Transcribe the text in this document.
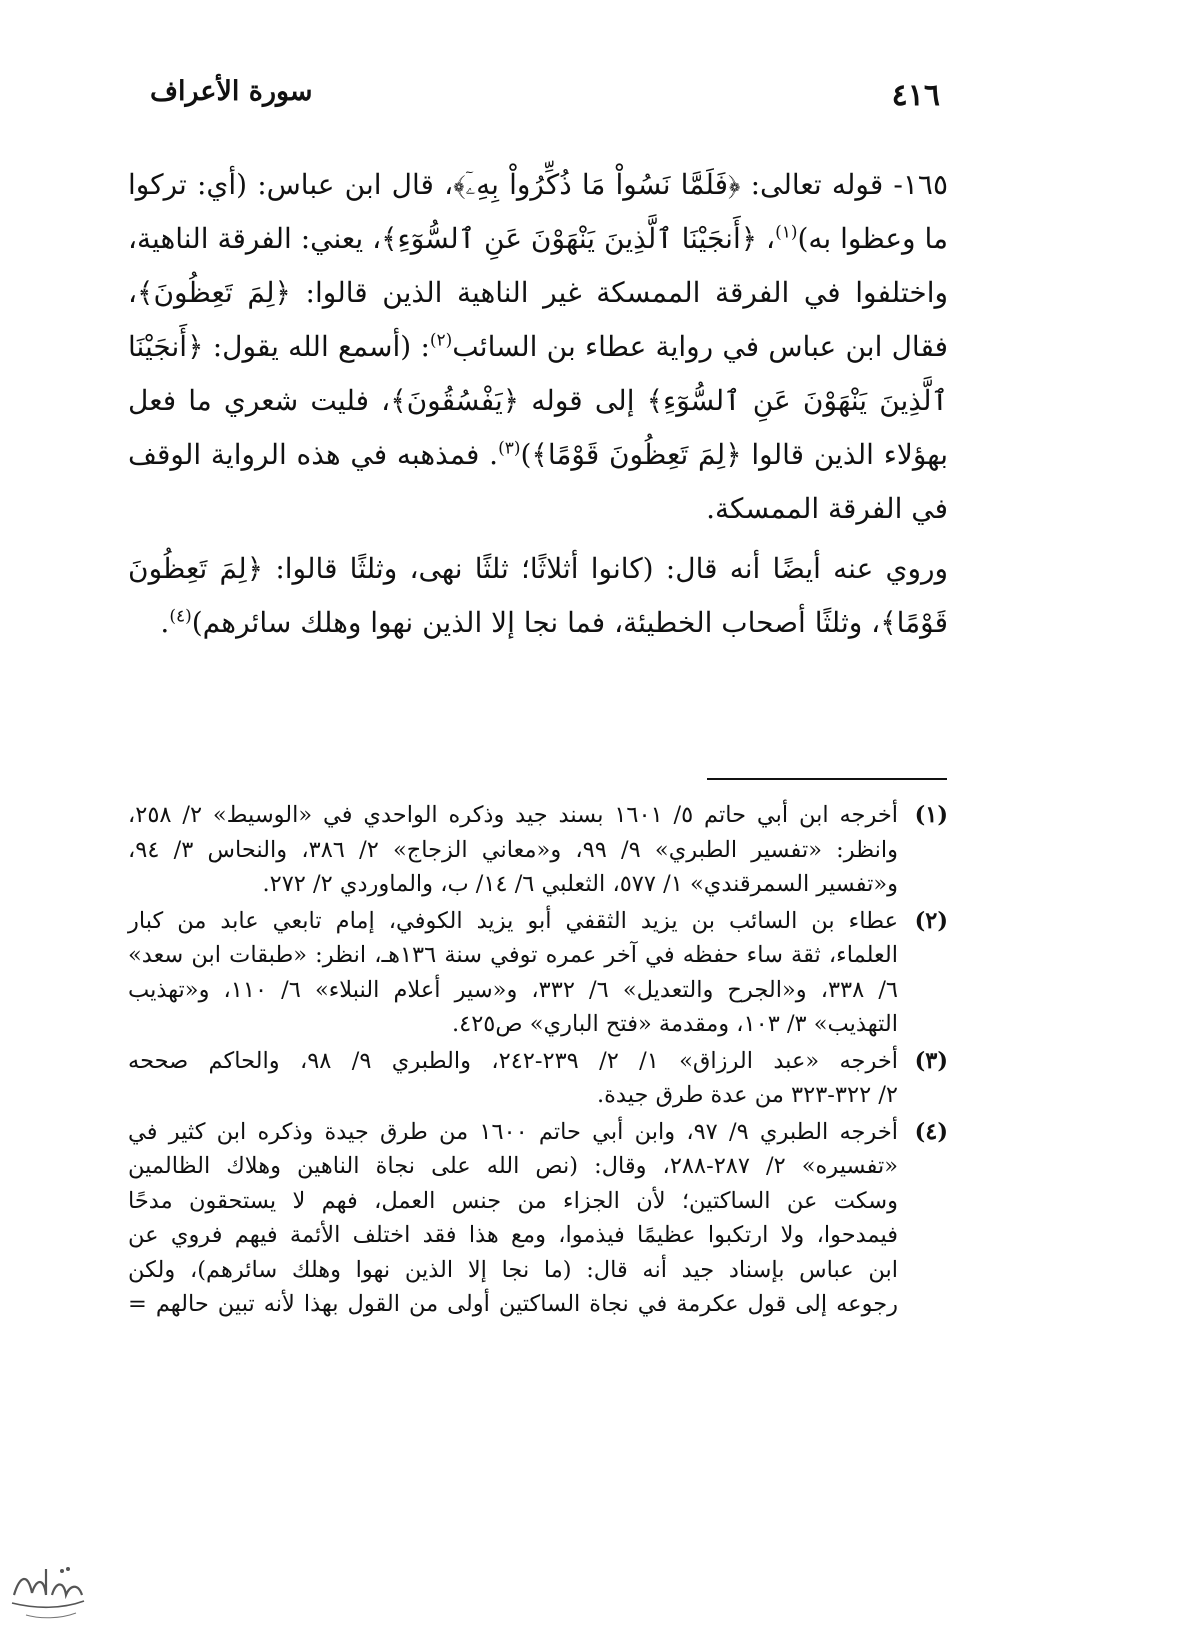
سورة الأعراف	٤١٦

١٦٥- قوله تعالى: ﴿فَلَمَّا نَسُواْ مَا ذُكِّرُواْ بِهِۦٓ﴾، قال ابن عباس: (أي: تركوا ما وعظوا به)$^{(١)}$، ﴿أَنجَيْنَا ٱلَّذِينَ يَنْهَوْنَ عَنِ ٱلسُّوٓءِ﴾، يعني: الفرقة الناهية، واختلفوا في الفرقة الممسكة غير الناهية الذين قالوا: ﴿لِمَ تَعِظُونَ﴾، فقال ابن عباس في رواية عطاء بن السائب$^{(٢)}$: (أسمع الله يقول: ﴿أَنجَيْنَا ٱلَّذِينَ يَنْهَوْنَ عَنِ ٱلسُّوٓءِ﴾ إلى قوله ﴿يَفْسُقُونَ﴾، فليت شعري ما فعل بهؤلاء الذين قالوا ﴿لِمَ تَعِظُونَ قَوْمًا﴾)$^{(٣)}$. فمذهبه في هذه الرواية الوقف في الفرقة الممسكة.

وروي عنه أيضًا أنه قال: (كانوا أثلاثًا؛ ثلثًا نهى، وثلثًا قالوا: ﴿لِمَ تَعِظُونَ قَوْمًا﴾، وثلثًا أصحاب الخطيئة، فما نجا إلا الذين نهوا وهلك سائرهم)$^{(٤)}$.

(١)
أخرجه ابن أبي حاتم ٥/ ١٦٠١ بسند جيد وذكره الواحدي في «الوسيط» ٢/ ٢٥٨،
وانظر: «تفسير الطبري» ٩/ ٩٩، و«معاني الزجاج» ٢/ ٣٨٦، والنحاس ٣/ ٩٤،
و«تفسير السمرقندي» ١/ ٥٧٧، الثعلبي ٦/ ١٤/ ب، والماوردي ٢/ ٢٧٢.
(٢)
عطاء بن السائب بن يزيد الثقفي أبو يزيد الكوفي، إمام تابعي عابد من كبار
العلماء، ثقة ساء حفظه في آخر عمره توفي سنة ١٣٦هـ، انظر: «طبقات ابن سعد»
٦/ ٣٣٨، و«الجرح والتعديل» ٦/ ٣٣٢، و«سير أعلام النبلاء» ٦/ ١١٠، و«تهذيب
التهذيب» ٣/ ١٠٣، ومقدمة «فتح الباري» ص٤٢٥.
(٣)
أخرجه «عبد الرزاق» ١/ ٢/ ٢٣٩-٢٤٢، والطبري ٩/ ٩٨، والحاكم صححه
٢/ ٣٢٢-٣٢٣ من عدة طرق جيدة.
(٤)
أخرجه الطبري ٩/ ٩٧، وابن أبي حاتم ١٦٠٠ من طرق جيدة وذكره ابن كثير في
«تفسيره» ٢/ ٢٨٧-٢٨٨، وقال: (نص الله على نجاة الناهين وهلاك الظالمين
وسكت عن الساكتين؛ لأن الجزاء من جنس العمل، فهم لا يستحقون مدحًا
فيمدحوا، ولا ارتكبوا عظيمًا فيذموا، ومع هذا فقد اختلف الأئمة فيهم فروي عن
ابن عباس بإسناد جيد أنه قال: (ما نجا إلا الذين نهوا وهلك سائرهم)، ولكن
رجوعه إلى قول عكرمة في نجاة الساكتين أولى من القول بهذا لأنه تبين حالهم =
